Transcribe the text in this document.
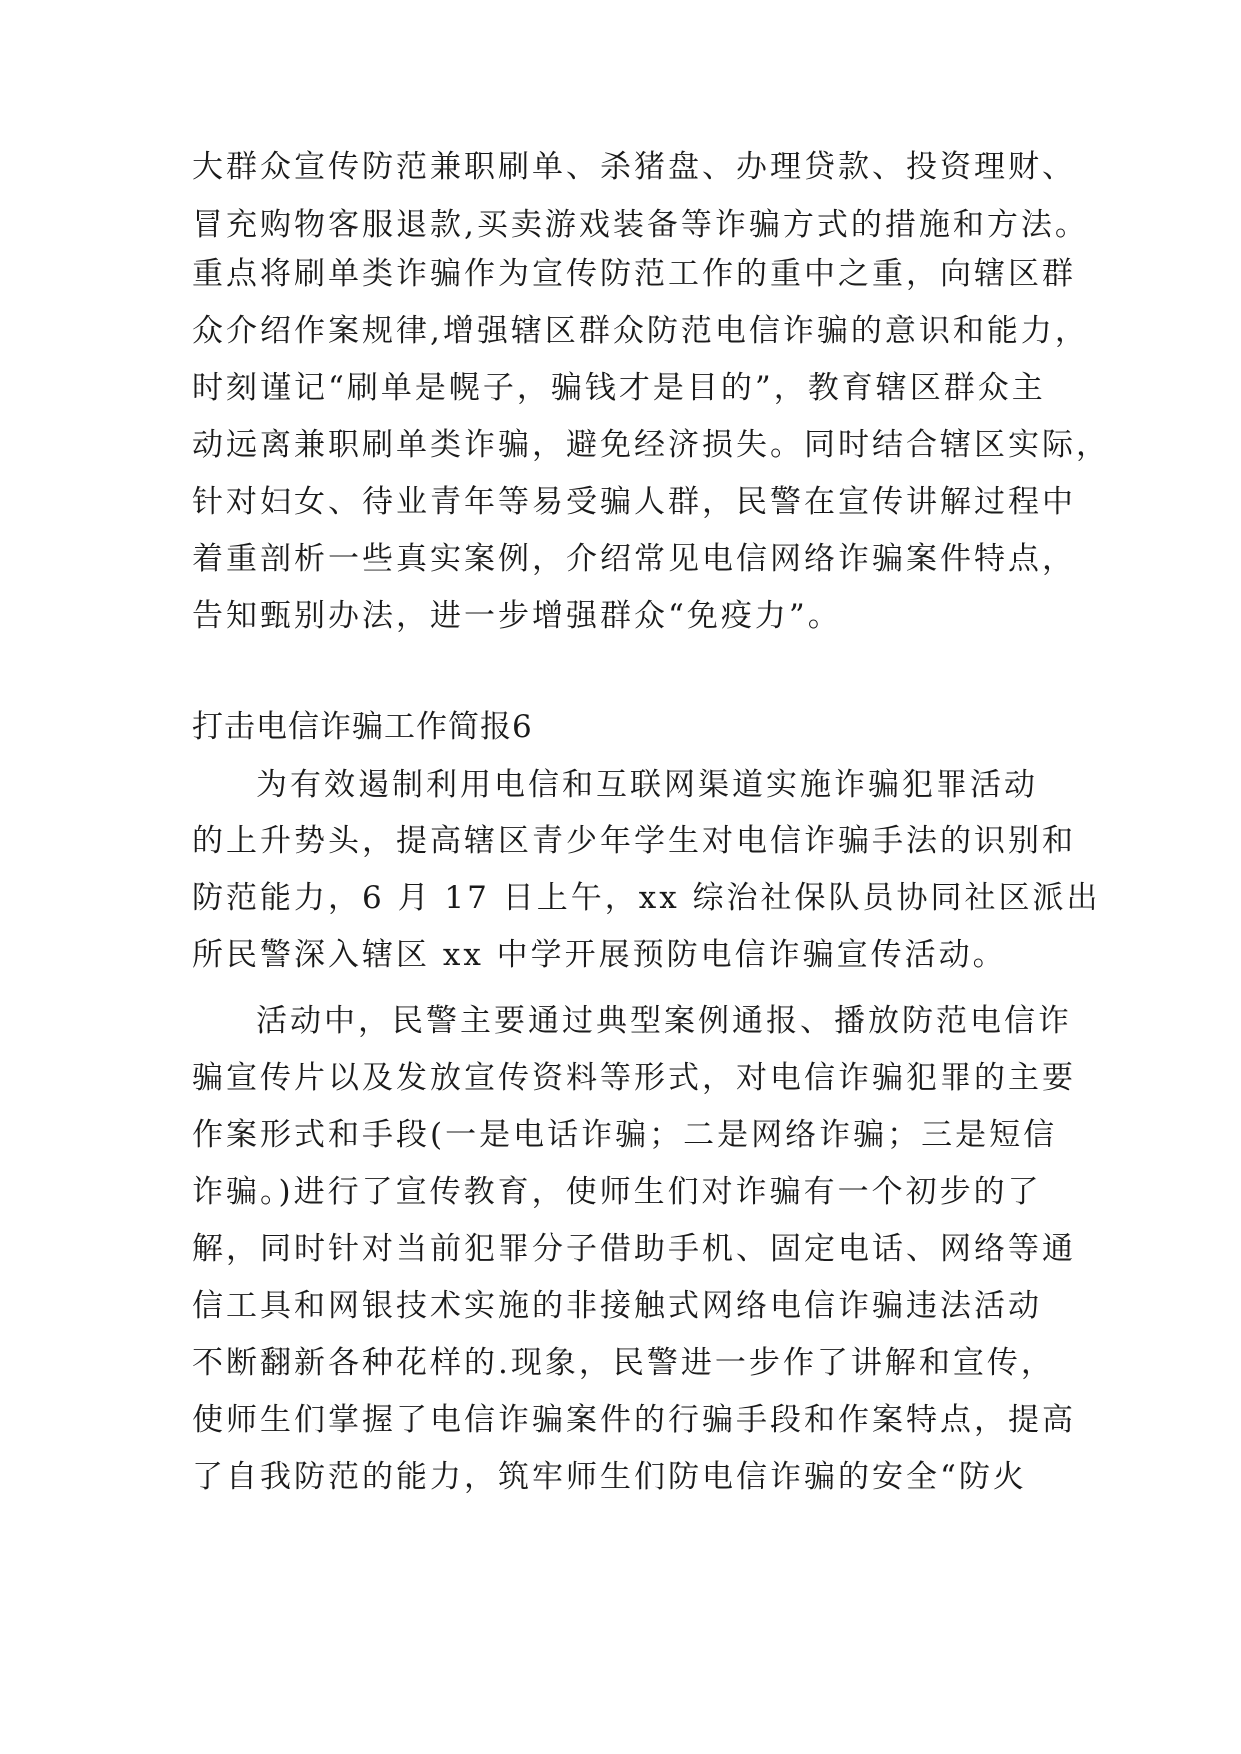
大群众宣传防范兼职刷单、杀猪盘、办理贷款、投资理财、
冒充购物客服退款,买卖游戏装备等诈骗方式的措施和方法。
重点将刷单类诈骗作为宣传防范工作的重中之重，向辖区群
众介绍作案规律,增强辖区群众防范电信诈骗的意识和能力，
时刻谨记“刷单是幌子，骗钱才是目的”，教育辖区群众主
动远离兼职刷单类诈骗，避免经济损失。同时结合辖区实际，
针对妇女、待业青年等易受骗人群，民警在宣传讲解过程中
着重剖析一些真实案例，介绍常见电信网络诈骗案件特点，
告知甄别办法，进一步增强群众“免疫力”。
打击电信诈骗工作简报6
为有效遏制利用电信和互联网渠道实施诈骗犯罪活动
的上升势头，提高辖区青少年学生对电信诈骗手法的识别和
防范能力，6 月 17 日上午，xx 综治社保队员协同社区派出
所民警深入辖区 xx 中学开展预防电信诈骗宣传活动。
活动中，民警主要通过典型案例通报、播放防范电信诈
骗宣传片以及发放宣传资料等形式，对电信诈骗犯罪的主要
作案形式和手段(一是电话诈骗；二是网络诈骗；三是短信
诈骗。)进行了宣传教育，使师生们对诈骗有一个初步的了
解，同时针对当前犯罪分子借助手机、固定电话、网络等通
信工具和网银技术实施的非接触式网络电信诈骗违法活动
不断翻新各种花样的.现象，民警进一步作了讲解和宣传，
使师生们掌握了电信诈骗案件的行骗手段和作案特点，提高
了自我防范的能力，筑牢师生们防电信诈骗的安全“防火
